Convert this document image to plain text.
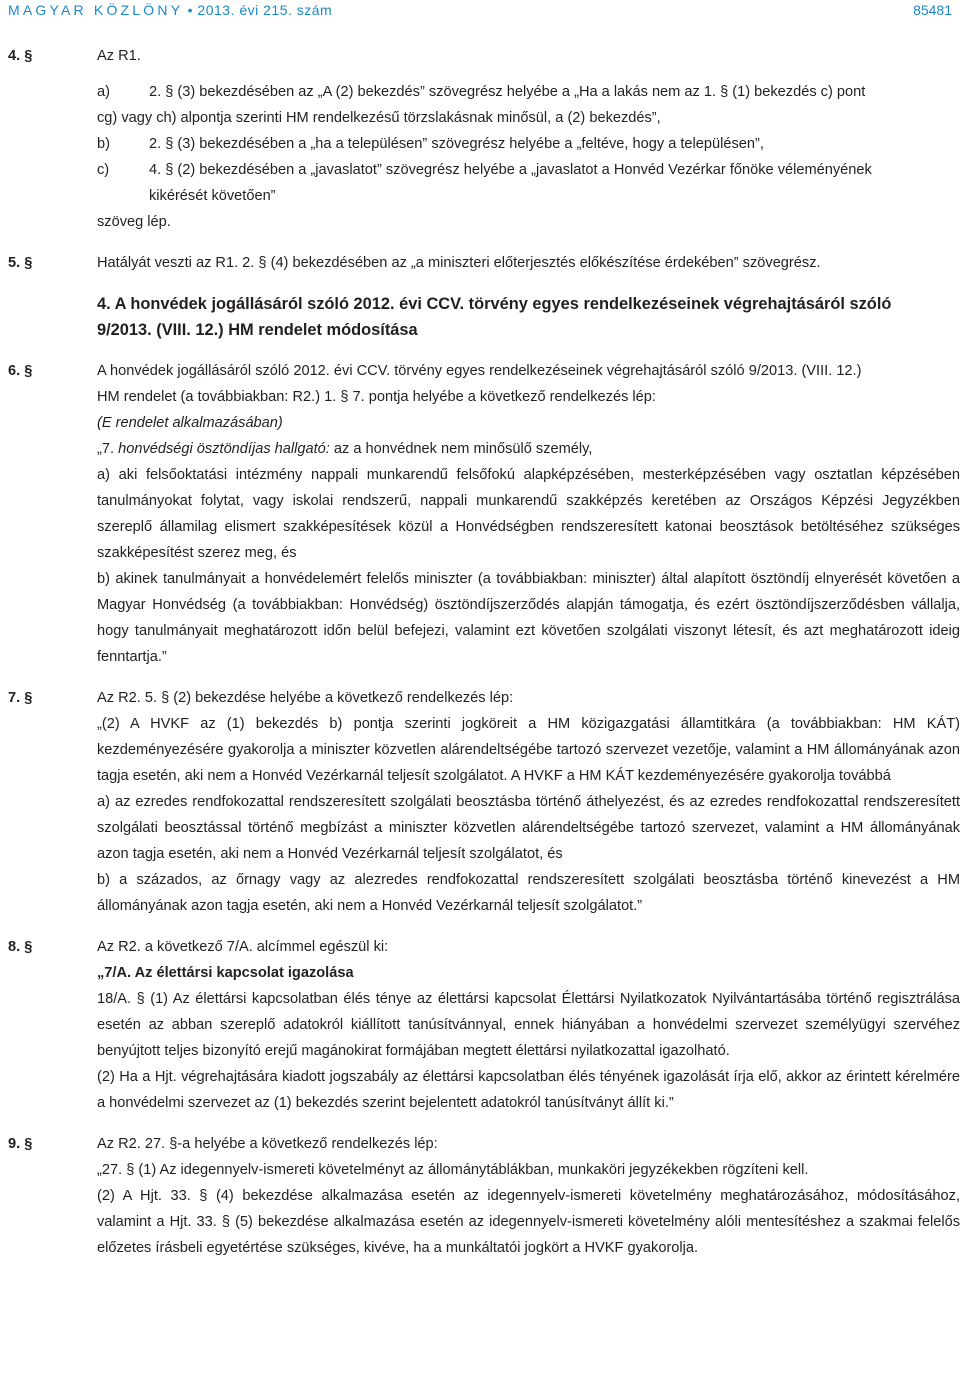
MAGYAR KÖZLÖNY • 2013. évi 215. szám	85481
4. §	Az R1.
a)	2. § (3) bekezdésében az „A (2) bekezdés” szövegrész helyébe a „Ha a lakás nem az 1. § (1) bekezdés c) pont
cg) vagy ch) alpontja szerinti HM rendelkezésű törzslakásnak minősül, a (2) bekezdés”,
b)	2. § (3) bekezdésében a „ha a településen” szövegrész helyébe a „feltéve, hogy a településen”,
c)	4. § (2) bekezdésében a „javaslatot” szövegrész helyébe a „javaslatot a Honvéd Vezérkar főnöke véleményének
kikérését követően”
szöveg lép.
5. §	Hatályát veszti az R1. 2. § (4) bekezdésében az „a miniszteri előterjesztés előkészítése érdekében” szövegrész.
4. A honvédek jogállásáról szóló 2012. évi CCV. törvény egyes rendelkezéseinek végrehajtásáról szóló
9/2013. (VIII. 12.) HM rendelet módosítása
6. §	A honvédek jogállásáról szóló 2012. évi CCV. törvény egyes rendelkezéseinek végrehajtásáról szóló 9/2013. (VIII. 12.)
HM rendelet (a továbbiakban: R2.) 1. § 7. pontja helyébe a következő rendelkezés lép:
(E rendelet alkalmazásában)
„7. honvédségi ösztöndíjas hallgató: az a honvédnek nem minősülő személy,
a) aki felsőoktatási intézmény nappali munkarendű felsőfokú alapképzésében, mesterképzésében vagy osztatlan képzésében tanulmányokat folytat, vagy iskolai rendszerű, nappali munkarendű szakképzés keretében az Országos Képzési Jegyzékben szereplő államilag elismert szakképesítések közül a Honvédségben rendszeresített katonai beosztások betöltéséhez szükséges szakképesítést szerez meg, és
b) akinek tanulmányait a honvédelemért felelős miniszter (a továbbiakban: miniszter) által alapított ösztöndíj elnyerését követően a Magyar Honvédség (a továbbiakban: Honvédség) ösztöndíjszerződés alapján támogatja, és ezért ösztöndíjszerződésben vállalja, hogy tanulmányait meghatározott időn belül befejezi, valamint ezt követően szolgálati viszonyt létesít, és azt meghatározott ideig fenntartja.”
7. §	Az R2. 5. § (2) bekezdése helyébe a következő rendelkezés lép:
„(2) A HVKF az (1) bekezdés b) pontja szerinti jogköreit a HM közigazgatási államtitkára (a továbbiakban: HM KÁT) kezdeményezésére gyakorolja a miniszter közvetlen alárendeltségébe tartozó szervezet vezetője, valamint a HM állományának azon tagja esetén, aki nem a Honvéd Vezérkarnál teljesít szolgálatot. A HVKF a HM KÁT kezdeményezésére gyakorolja továbbá
a) az ezredes rendfokozattal rendszeresített szolgálati beosztásba történő áthelyezést, és az ezredes rendfokozattal rendszeresített szolgálati beosztással történő megbízást a miniszter közvetlen alárendeltségébe tartozó szervezet, valamint a HM állományának azon tagja esetén, aki nem a Honvéd Vezérkarnál teljesít szolgálatot, és
b) a százados, az őrnagy vagy az alezredes rendfokozattal rendszeresített szolgálati beosztásba történő kinevezést a HM állományának azon tagja esetén, aki nem a Honvéd Vezérkarnál teljesít szolgálatot.”
8. §	Az R2. a következő 7/A. alcímmel egészül ki:
„7/A. Az élettársi kapcsolat igazolása
18/A. § (1) Az élettársi kapcsolatban élés ténye az élettársi kapcsolat Élettársi Nyilatkozatok Nyilvántartásába történő regisztrálása esetén az abban szereplő adatokról kiállított tanúsítvánnyal, ennek hiányában a honvédelmi szervezet személyügyi szervéhez benyújtott teljes bizonyító erejű magánokirat formájában megtett élettársi nyilatkozattal igazolható.
(2) Ha a Hjt. végrehajtására kiadott jogszabály az élettársi kapcsolatban élés tényének igazolását írja elő, akkor az érintett kérelmére a honvédelmi szervezet az (1) bekezdés szerint bejelentett adatokról tanúsítványt állít ki.”
9. §	Az R2. 27. §-a helyébe a következő rendelkezés lép:
„27. § (1) Az idegennyelv-ismereti követelményt az állománytáblákban, munkaköri jegyzékekben rögzíteni kell.
(2) A Hjt. 33. § (4) bekezdése alkalmazása esetén az idegennyelv-ismereti követelmény meghatározásához, módosításához, valamint a Hjt. 33. § (5) bekezdése alkalmazása esetén az idegennyelv-ismereti követelmény alóli mentesítéshez a szakmai felelős előzetes írásbeli egyetértése szükséges, kivéve, ha a munkáltatói jogkört a HVKF gyakorolja.
